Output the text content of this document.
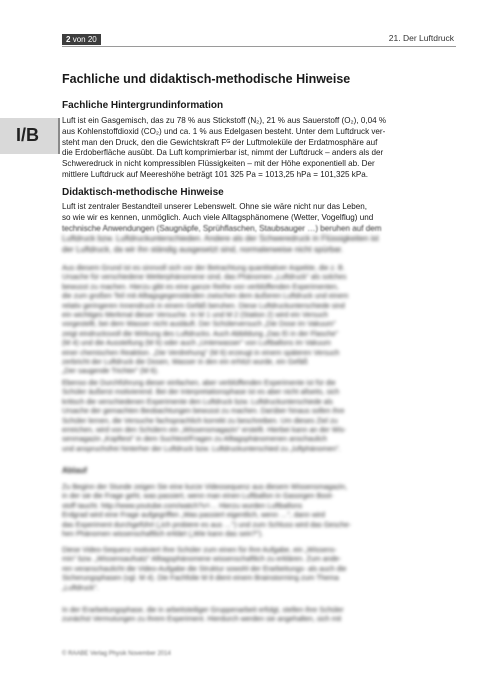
2 von 20	21. Der Luftdruck
I/B
Fachliche und didaktisch-methodische Hinweise
Fachliche Hintergrundinformation
Luft ist ein Gasgemisch, das zu 78 % aus Stickstoff (N₂), 21 % aus Sauerstoff (O₂), 0,04 %
aus Kohlenstoffdioxid (CO₂) und ca. 1 % aus Edelgasen besteht. Unter dem Luftdruck ver-
steht man den Druck, den die Gewichtskraft Fᴳ der Luftmoleküle der Erdatmosphäre auf
die Erdoberfläche ausübt. Da Luft komprimierbar ist, nimmt der Luftdruck – anders als der
Schweredruck in nicht kompressiblen Flüssigkeiten – mit der Höhe exponentiell ab. Der
mittlere Luftdruck auf Meereshöhe beträgt 101 325 Pa = 1013,25 hPa = 101,325 kPa.
Didaktisch-methodische Hinweise
Luft ist zentraler Bestandteil unserer Lebenswelt. Ohne sie wäre nicht nur das Leben,
so wie wir es kennen, unmöglich. Auch viele Alltagsphänomene (Wetter, Vogelflug) und
technische Anwendungen (Saugnäpfe, Sprühflaschen, Staubsauger …) beruhen auf dem
Luftdruck bzw. Luftdruckunterschieden. Andere als der Schweredruck in Flüssigkeiten ist
der Luftdruck, da wir ihn ständig ausgesetzt sind, normalerweise nicht spürbar.
Aus diesem Grund ist es sinnvoll sich vor der Betrachtung quantitativer Aspekte, die z. B.
Ursache für verschiedene Wetterphänomene sind, das Phänomen „Luftdruck" als solches
bewusst zu machen. Hierzu gibt es eine ganze Reihe von verblüffenden Experimenten,
die zum großen Teil mit Alltagsgegenständen zwischen dem äußeren Luftdruck und einem
relativ geringeren Innendruck in einem Gefäß beruhen. Diese Luftdruckunterschiede sind
ein wichtiges Merkmal dieser Versuche. In M 1 und M 2 (Station 2) wird ein Versuch
vorgestellt, bei dem Wasser nicht ausläuft. Der Schülerversuch „Die Dose im Vakuum"
zeigt eindrucksvoll die Wirkung des Luftdrucks. Auch Abbildung „Das Ei in der Flasche"
(M 4) und die Ausstellung (M 6) oder auch „Unterwasser" von Luftballons im Vakuum
einer chemischen Reaktion. „Die Verdrehung" (M 6) erzeugt in einem späteren Versuch
zerbricht der Luftdruck die Dosen, Wasser in den ein erhitzt wurde, ein Gefäß
„Der saugende Trichter" (M 6).
Ebenso die Durchführung dieser einfachen, aber verblüffenden Experimente ist für die
Schüler äußerst motivierend. Bei der Interpretationsphase ist es aber nicht allseits, sich
kritisch die verschiedenen Experimente den Luftdruck bzw. Luftdruckunterschiede als
Ursache der gemachten Beobachtungen bewusst zu machen. Darüber hinaus sollen ihre
Schüler lernen, die Versuche fachsprachlich korrekt zu beschreiben. Um dieses Ziel zu
erreichen, wird von den Schülern ein „Wissensmagazin" erstellt. Hierbei kann an der Wis-
senmagazin „Kopftest" in dem Suchtext/Fragen zu Alltagsphänomenen anschaulich
und anspruchsfrei hinterher der Luftdruck bzw. Luftdruckunterschied zu „luftphänomen".
Ablauf
Zu Beginn der Stunde zeigen Sie eine kurze Videosequenz aus diesem Wissensmagazin,
in der sie die Frage geht, was passiert, wenn man einen Luftballon in Gasorgen Boot-
stoff taucht. http://www.youtube.com/watch?v=… Hierzu wurden Luftballons
Erdgrad wird eine Frage aufgegriffen „Was passiert eigentlich, wenn …", dann wird
das Experiment durchgeführt („Ich probiere es aus …") und zum Schluss wird das Gesche-
hen Phänomen wissenschaftlich erklärt („Wie kann das sein?").
Diese Video-Sequenz motiviert Ihre Schüler zum einen für ihre Aufgabe, ein „Wissens-
min" bzw. „Wissensaufsatz" Alltagsphänomene wissenschaftlich zu erklären. Zum ande-
ren veranschaulicht die Video-Aufgabe die Struktur sowohl der Erarbeitungs- als auch die
Sicherungsphasen (vgl. M 4). Die Fachfolie M 8 dient einem Brainstorming zum Thema
„Luftdruck".
In der Erarbeitungsphase, die in arbeitsteiliger Gruppenarbeit erfolgt, stellen ihre Schüler
zunächst Vermutungen zu ihrem Experiment. Hierdurch werden sie angehalten, sich mit
© RAABE Verlag Physik November 2014
